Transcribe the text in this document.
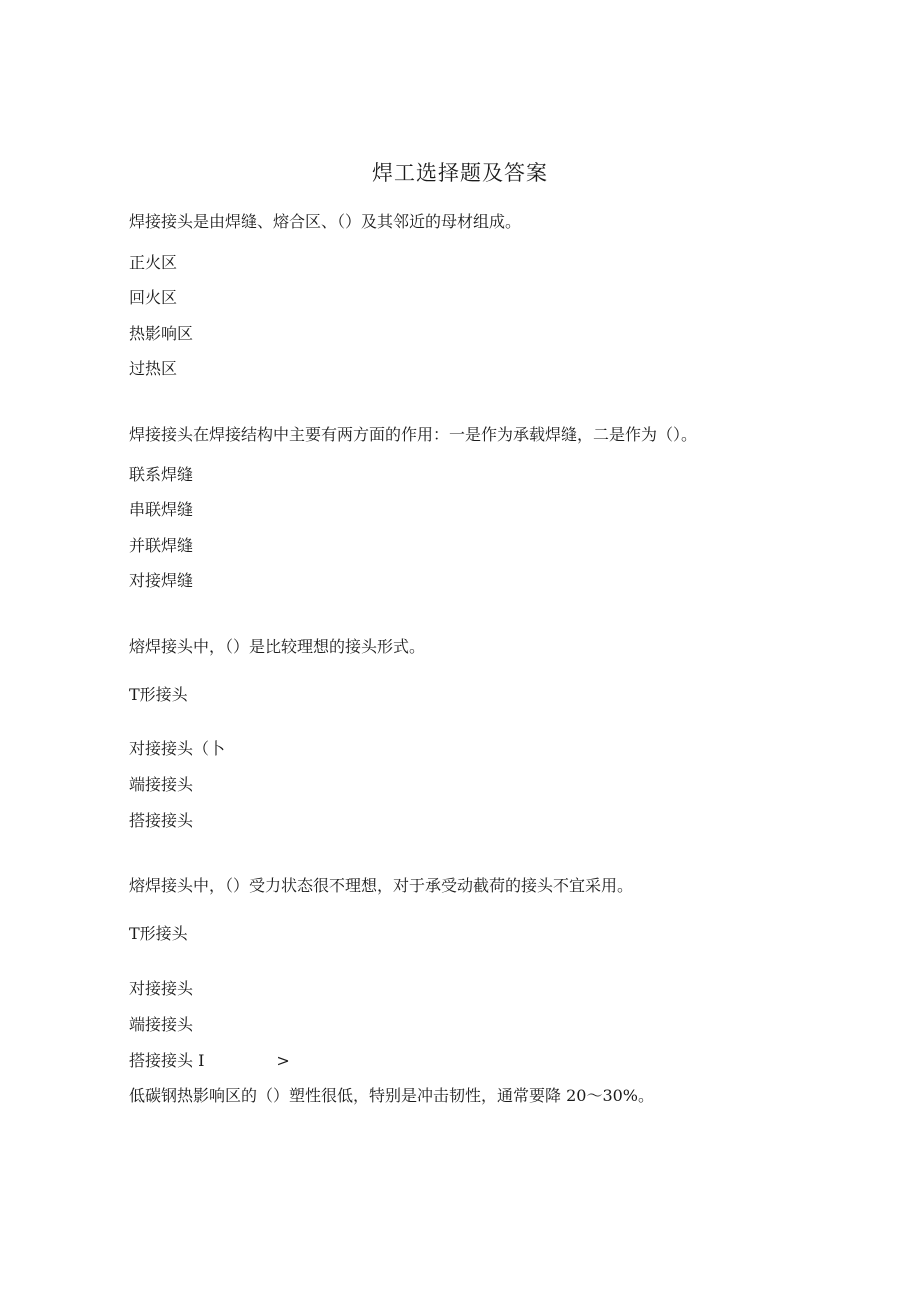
焊工选择题及答案
焊接接头是由焊缝、熔合区、（）及其邻近的母材组成。
正火区
回火区
热影响区
过热区
焊接接头在焊接结构中主要有两方面的作用：一是作为承载焊缝，二是作为（）。
联系焊缝
串联焊缝
并联焊缝
对接焊缝
熔焊接头中，（）是比较理想的接头形式。
T形接头
对接接头（卜
端接接头
搭接接头
熔焊接头中，（）受力状态很不理想，对于承受动截荷的接头不宜采用。
T形接头
对接接头
端接接头
搭接接头 I	>
低碳钢热影响区的（）塑性很低，特别是冲击韧性，通常要降 20～30%。
